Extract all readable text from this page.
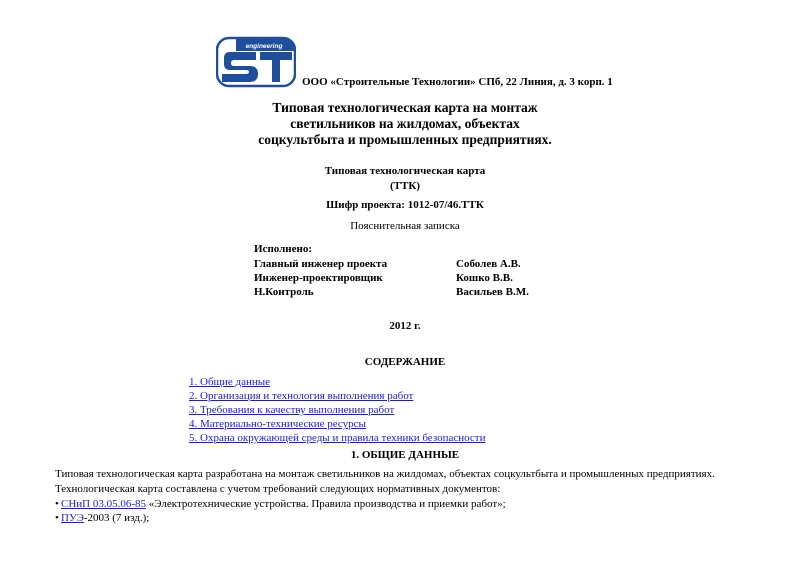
engineering
ООО «Строительные Технологии» СПб, 22 Линия, д. 3 корп. 1
Типовая технологическая карта на монтаж
светильников на жилдомах, объектах
соцкультбыта и промышленных предприятиях.
Типовая технологическая карта
(ТТК)
Шифр проекта: 1012-07/46.ТТК
Пояснительная записка
Исполнено:
Главный инженер проекта	Соболев А.В.
Инженер-проектировщик	Кошко В.В.
Н.Контроль	Васильев В.М.
2012 г.
СОДЕРЖАНИЕ
1. Общие данные
2. Организация и технология выполнения работ
3. Требования к качеству выполнения работ
4. Материально-технические ресурсы
5. Охрана окружающей среды и правила техники безопасности
1. ОБЩИЕ ДАННЫЕ
Типовая технологическая карта разработана на монтаж светильников на жилдомах, объектах соцкультбыта и промышленных предприятиях.
Технологическая карта составлена с учетом требований следующих нормативных документов:
• СНиП 03.05.06-85 «Электротехнические устройства. Правила производства и приемки работ»;
• ПУЭ-2003 (7 изд.);
